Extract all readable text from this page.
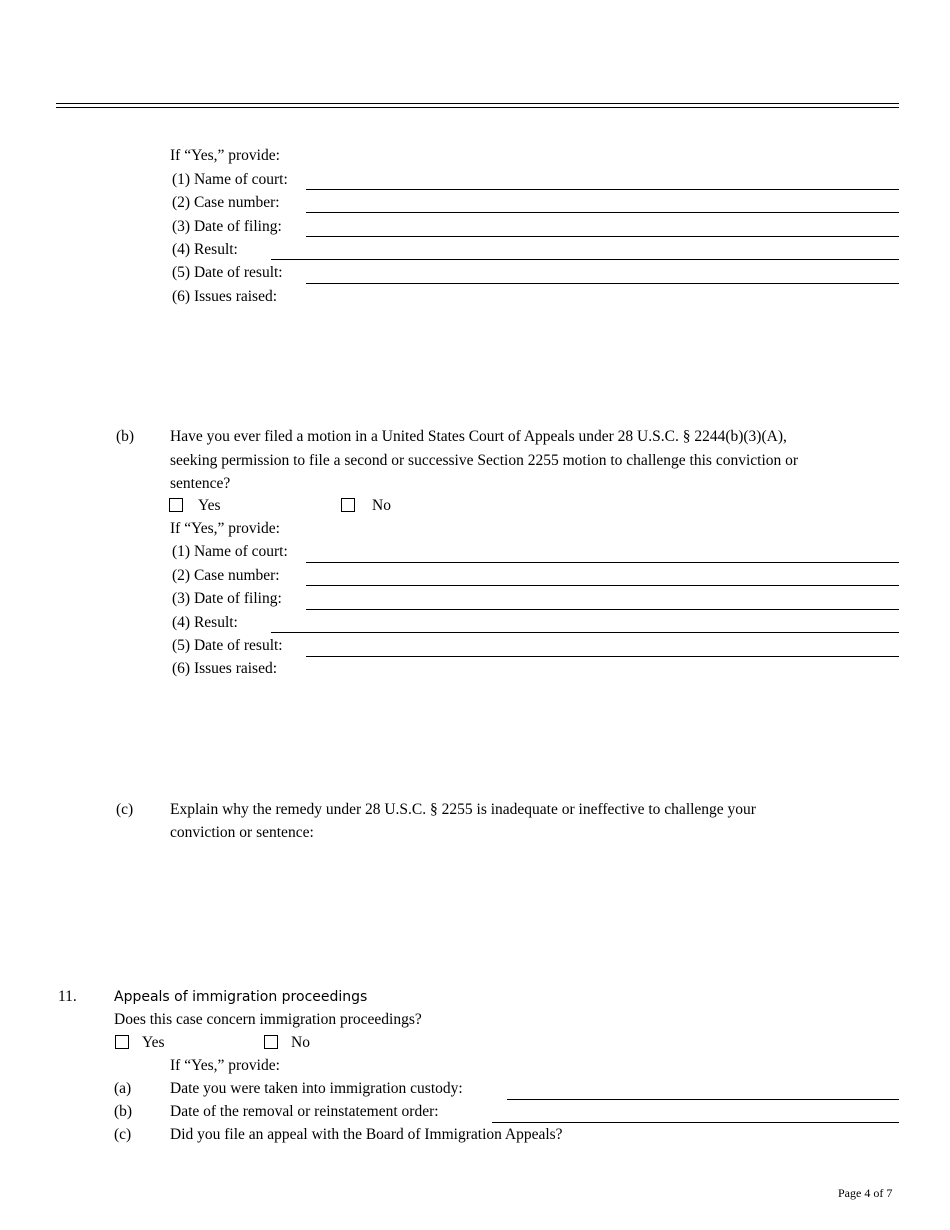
If “Yes,” provide:
(1) Name of court:
(2) Case number:
(3) Date of filing:
(4) Result:
(5) Date of result:
(6) Issues raised:
(b) Have you ever filed a motion in a United States Court of Appeals under 28 U.S.C. § 2244(b)(3)(A),
seeking permission to file a second or successive Section 2255 motion to challenge this conviction or
sentence?
Yes	No
If “Yes,” provide:
(1) Name of court:
(2) Case number:
(3) Date of filing:
(4) Result:
(5) Date of result:
(6) Issues raised:
(c) Explain why the remedy under 28 U.S.C. § 2255 is inadequate or ineffective to challenge your
conviction or sentence:
11.	Appeals of immigration proceedings
Does this case concern immigration proceedings?
Yes	No
If “Yes,” provide:
(a)	Date you were taken into immigration custody:
(b) Date of the removal or reinstatement order:
(c)	Did you file an appeal with the Board of Immigration Appeals?
Page 4 of 7
